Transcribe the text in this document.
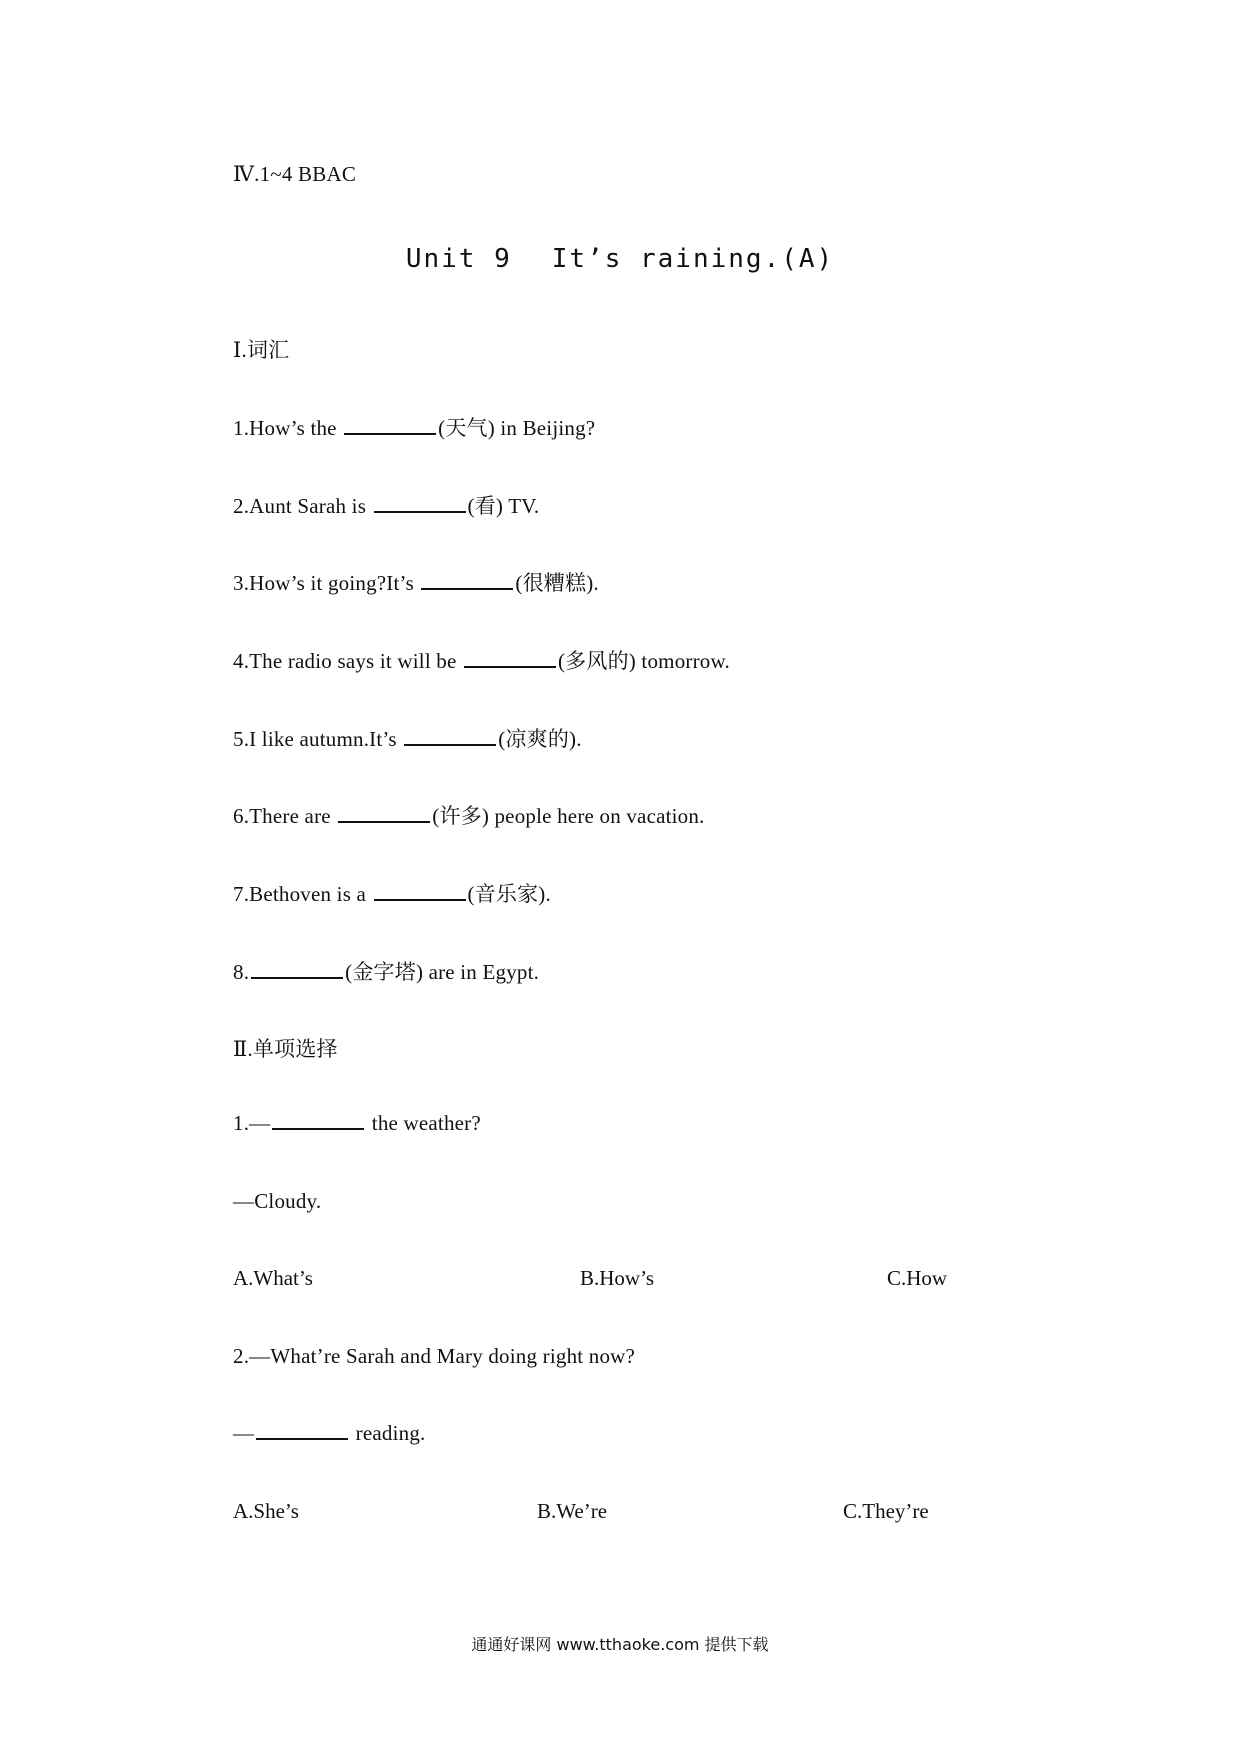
Ⅳ.1~4 BBAC
Unit 9 It’s raining.(A)
Ⅰ.词汇
1.How’s the	(天气) in Beijing?
2.Aunt Sarah is	(看) TV.
3.How’s it going?It’s	(很糟糕).
4.The radio says it will be	(多风的) tomorrow.
5.I like autumn.It’s	(凉爽的).
6.There are	(许多) people here on vacation.
7.Bethoven is a	(音乐家).
8.	(金字塔) are in Egypt.
Ⅱ.单项选择
1.—	the weather?
—Cloudy.
A.What’s	B.How’s	C.How
2.—What’re Sarah and Mary doing right now?
—	reading.
A.She’s	B.We’re	C.They’re
通通好课网 www.tthaoke.com 提供下载
